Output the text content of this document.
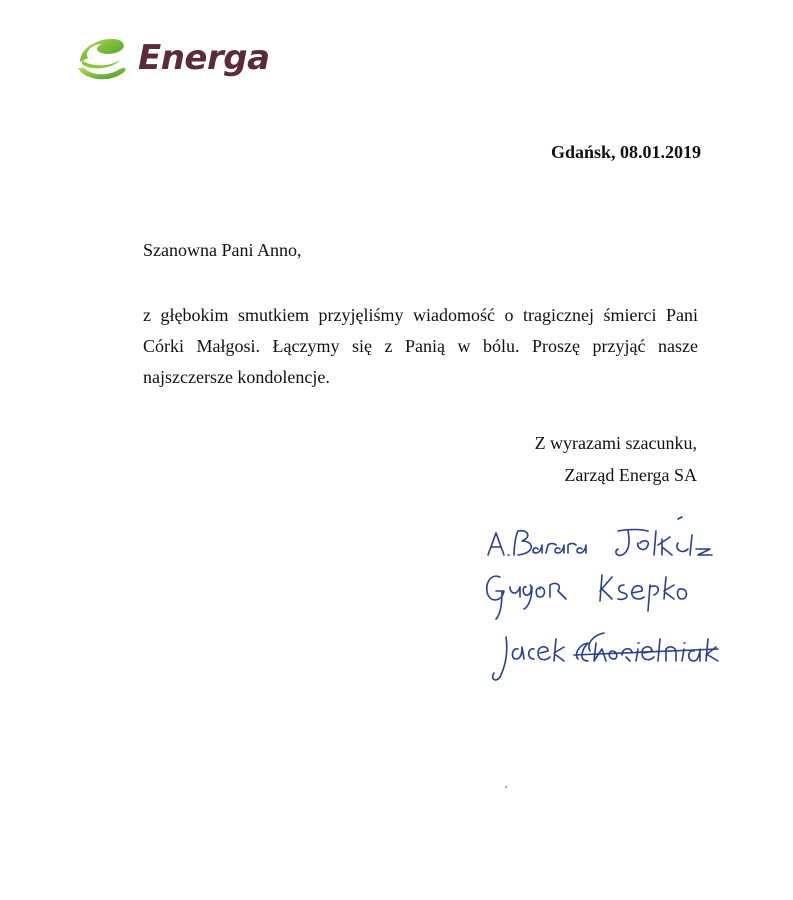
Energa
Gdańsk, 08.01.2019
Szanowna Pani Anno,
z głębokim smutkiem przyjęliśmy wiadomość o tragicznej śmierci Pani Córki Małgosi. Łączymy się z Panią w bólu. Proszę przyjąć nasze najszczersze kondolencje.
Z wyrazami szacunku,
Zarząd Energa SA
